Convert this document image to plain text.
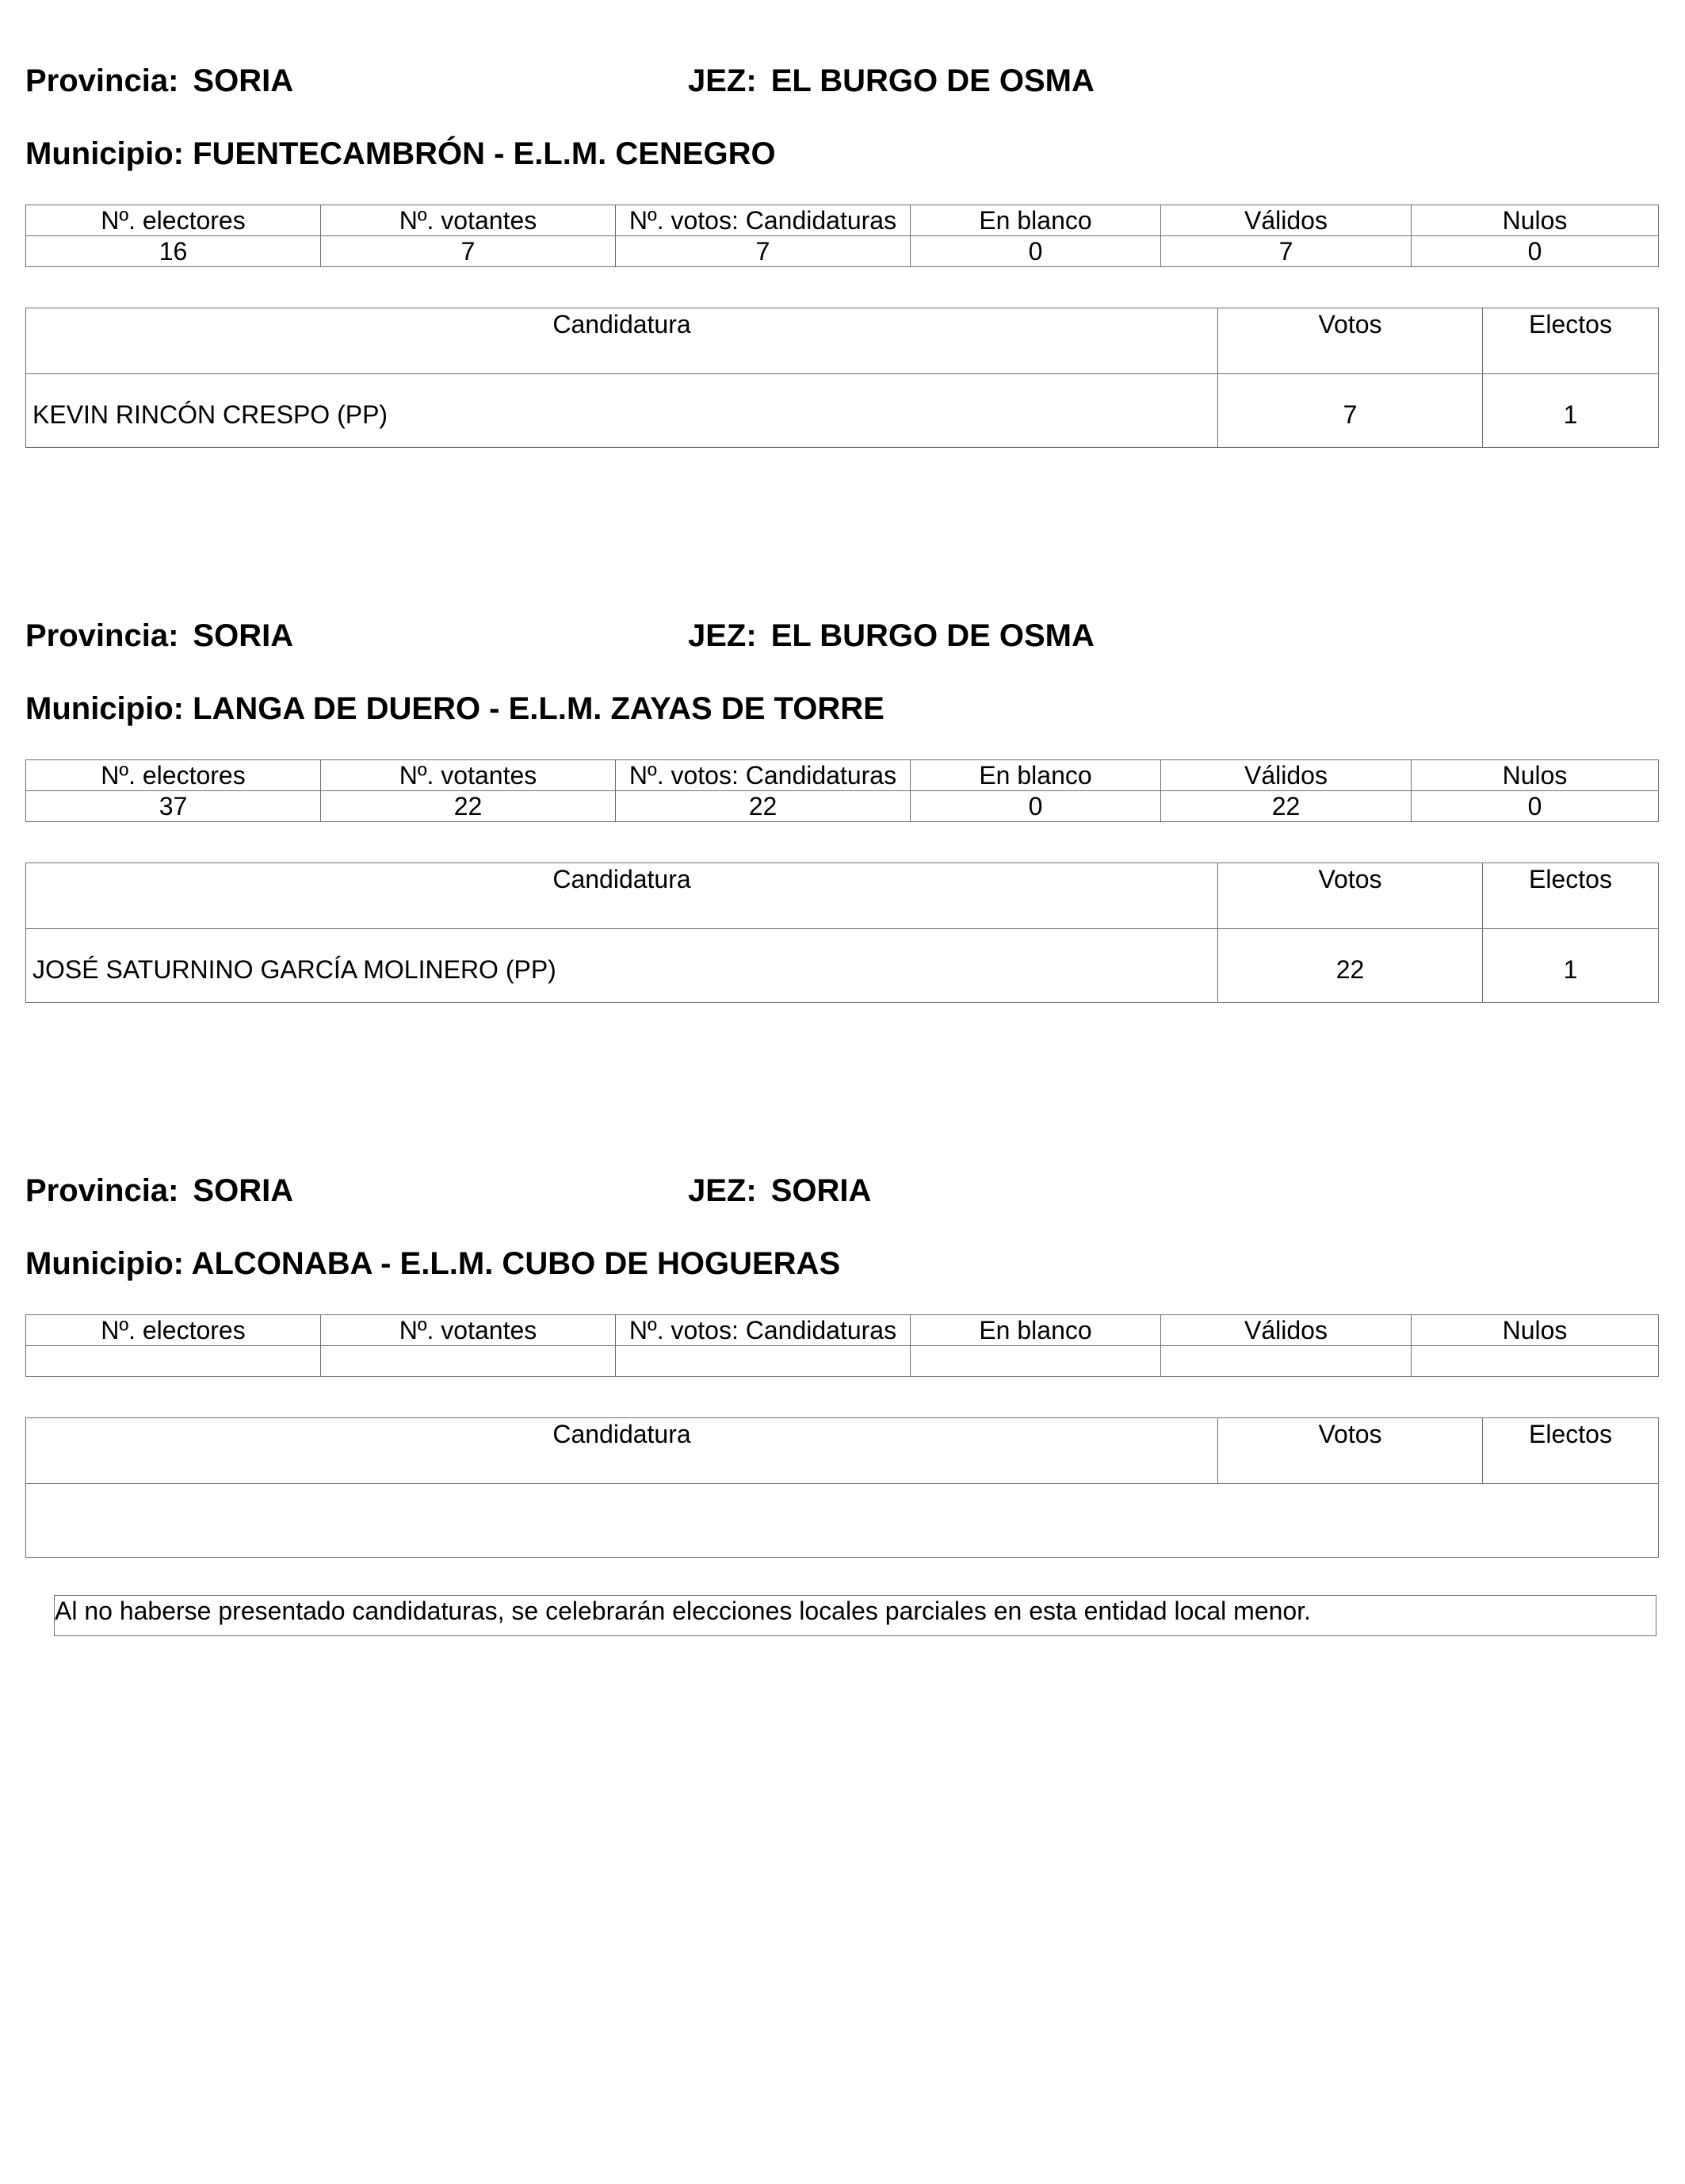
Provincia: SORIA	JEZ: EL BURGO DE OSMA
Municipio: FUENTECAMBRÓN - E.L.M. CENEGRO
Nº. electores	Nº. votantes	Nº. votos: Candidaturas	En blanco	Válidos	Nulos
16	7	7	0	7	0
Candidatura	Votos	Electos
KEVIN RINCÓN CRESPO (PP)	7	1
Provincia: SORIA	JEZ: EL BURGO DE OSMA
Municipio: LANGA DE DUERO - E.L.M. ZAYAS DE TORRE
Nº. electores	Nº. votantes	Nº. votos: Candidaturas	En blanco	Válidos	Nulos
37	22	22	0	22	0
Candidatura	Votos	Electos
JOSÉ SATURNINO GARCÍA MOLINERO (PP)	22	1
Provincia: SORIA	JEZ: SORIA
Municipio: ALCONABA - E.L.M. CUBO DE HOGUERAS
Nº. electores	Nº. votantes	Nº. votos: Candidaturas	En blanco	Válidos	Nulos

Candidatura	Votos	Electos

Al no haberse presentado candidaturas, se celebrarán elecciones locales parciales en esta entidad local menor.
